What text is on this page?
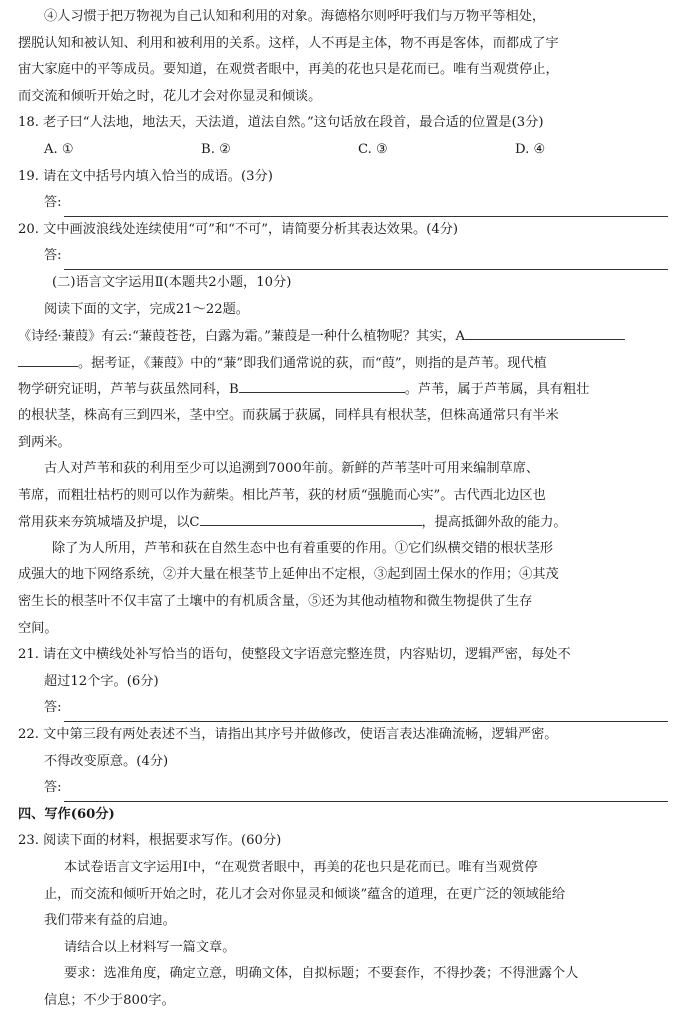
④人习惯于把万物视为自己认知和利用的对象。海德格尔则呼吁我们与万物平等相处，
摆脱认知和被认知、利用和被利用的关系。这样，人不再是主体，物不再是客体，而都成了宇
宙大家庭中的平等成员。要知道，在观赏者眼中，再美的花也只是花而已。唯有当观赏停止，
而交流和倾听开始之时，花儿才会对你显灵和倾谈。
18. 老子曰“人法地，地法天，天法道，道法自然。”这句话放在段首，最合适的位置是(3分)
A. ①	B. ②	C. ③	D. ④
19. 请在文中括号内填入恰当的成语。(3分)
答:
20. 文中画波浪线处连续使用“可”和“不可”，请简要分析其表达效果。(4分)
答:
(二)语言文字运用Ⅱ(本题共2小题，10分)
阅读下面的文字，完成21～22题。
《诗经·蒹葭》有云:“蒹葭苍苍，白露为霜。”蒹葭是一种什么植物呢？其实，A
。据考证，《蒹葭》中的“蒹”即我们通常说的荻，而“葭”，则指的是芦苇。现代植
物学研究证明，芦苇与荻虽然同科，B	。芦苇，属于芦苇属，具有粗壮
的根状茎，株高有三到四米，茎中空。而荻属于荻属，同样具有根状茎，但株高通常只有半米
到两米。
古人对芦苇和荻的利用至少可以追溯到7000年前。新鲜的芦苇茎叶可用来编制草席、
苇席，而粗壮枯朽的则可以作为薪柴。相比芦苇，荻的材质“强脆而心实”。古代西北边区也
常用荻来夯筑城墙及护堤，以C	，提高抵御外敌的能力。
除了为人所用，芦苇和荻在自然生态中也有着重要的作用。①它们纵横交错的根状茎形
成强大的地下网络系统，②并大量在根茎节上延伸出不定根，③起到固土保水的作用；④其茂
密生长的根茎叶不仅丰富了土壤中的有机质含量，⑤还为其他动植物和微生物提供了生存
空间。
21. 请在文中横线处补写恰当的语句，使整段文字语意完整连贯，内容贴切，逻辑严密，每处不
超过12个字。(6分)
答:
22. 文中第三段有两处表述不当，请指出其序号并做修改，使语言表达准确流畅，逻辑严密。
不得改变原意。(4分)
答:
四、写作(60分)
23. 阅读下面的材料，根据要求写作。(60分)
本试卷语言文字运用Ⅰ中，“在观赏者眼中，再美的花也只是花而已。唯有当观赏停
止，而交流和倾听开始之时，花儿才会对你显灵和倾谈”蕴含的道理，在更广泛的领域能给
我们带来有益的启迪。
请结合以上材料写一篇文章。
要求：选准角度，确定立意，明确文体，自拟标题；不要套作，不得抄袭；不得泄露个人
信息；不少于800字。
